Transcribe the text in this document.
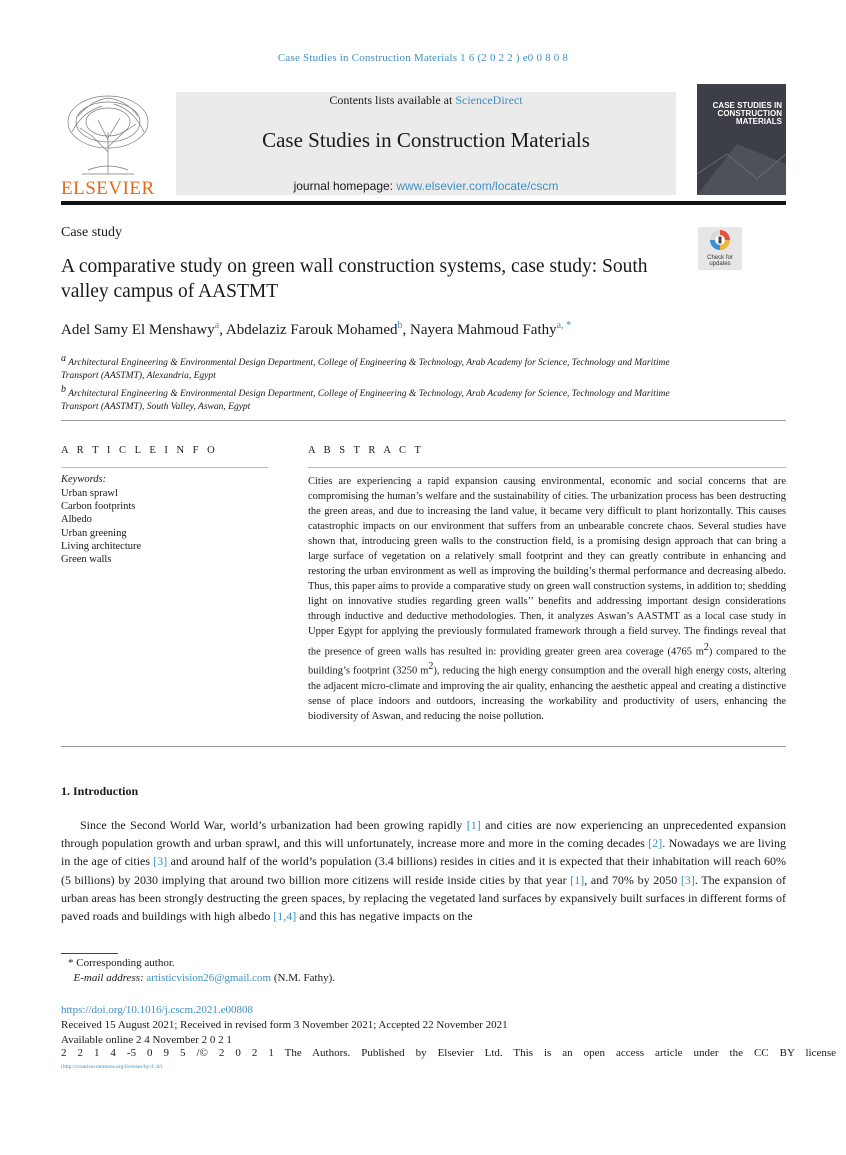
Case Studies in Construction Materials 1 6 (2 0 2 2 ) e0 0 8 0 8
ELSEVIER
Contents lists available at ScienceDirect
Case Studies in Construction Materials
journal homepage: www.elsevier.com/locate/cscm
CASE STUDIES IN CONSTRUCTION MATERIALS
Case study
Check for updates
A comparative study on green wall construction systems, case study: South valley campus of AASTMT
Adel Samy El Menshawy$^a$, Abdelaziz Farouk Mohamed$^b$, Nayera Mahmoud Fathy$^{a, *}$
$^a$ Architectural Engineering & Environmental Design Department, College of Engineering & Technology, Arab Academy for Science, Technology and Maritime Transport (AASTMT), Alexandria, Egypt
$^b$ Architectural Engineering & Environmental Design Department, College of Engineering & Technology, Arab Academy for Science, Technology and Maritime Transport (AASTMT), South Valley, Aswan, Egypt
A R T I C L E I N F O
Keywords:
Urban sprawl
Carbon footprints
Albedo
Urban greening
Living architecture
Green walls
A B S T R A C T
Cities are experiencing a rapid expansion causing environmental, economic and social concerns that are compromising the human’s welfare and the sustainability of cities. The urbanization process has been destructing the green areas, and due to increasing the land value, it became very difficult to plant horizontally. This causes catastrophic impacts on our environment that suffers from an unbearable concrete chaos. Several studies have shown that, introducing green walls to the construction field, is a promising design approach that can bring a large surface of vegetation on a relatively small footprint and they can greatly contribute in enhancing and restoring the urban environment as well as improving the building’s thermal performance and decreasing albedo. Thus, this paper aims to provide a comparative study on green wall construction systems, in addition to; shedding light on innovative studies regarding green walls’’ benefits and addressing important design considerations through inductive and deductive methodologies. Then, it analyzes Aswan’s AASTMT as a local case study in Upper Egypt for applying the previously formulated framework through a field survey. The findings reveal that the presence of green walls has resulted in: providing greater green area coverage (4765 $m^2$) compared to the building’s footprint (3250 $m^2$), reducing the high energy consumption and the overall high energy costs, altering the adjacent micro-climate and improving the air quality, enhancing the aesthetic appeal and creating a distinctive sense of place indoors and outdoors, increasing the workability and productivity of users, enhancing the biodiversity of Aswan, and reducing the noise pollution.
1. Introduction
Since the Second World War, world’s urbanization had been growing rapidly [1] and cities are now experiencing an unprecedented expansion through population growth and urban sprawl, and this will unfortunately, increase more and more in the coming decades [2]. Nowadays we are living in the age of cities [3] and around half of the world’s population (3.4 billions) resides in cities and it is expected that their inhabitation will reach 60% (5 billions) by 2030 implying that around two billion more citizens will reside inside cities by that year [1], and 70% by 2050 [3]. The expansion of urban areas has been strongly destructing the green spaces, by replacing the vegetated land surfaces by expansively built surfaces in different forms of paved roads and buildings with high albedo [1,4] and this has negative impacts on the
* Corresponding author.
E-mail address: artisticvision26@gmail.com (N.M. Fathy).
https://doi.org/10.1016/j.cscm.2021.e00808
Received 15 August 2021; Received in revised form 3 November 2021; Accepted 22 November 2021
Available online 2 4 November 2 0 2 1
2 2 1 4 -5 0 9 5 /© 2 0 2 1 The Authors. Published by Elsevier Ltd. This is an open access article under the CC BY license
(http://creativecommons.org/licenses/by/4 .0/)
